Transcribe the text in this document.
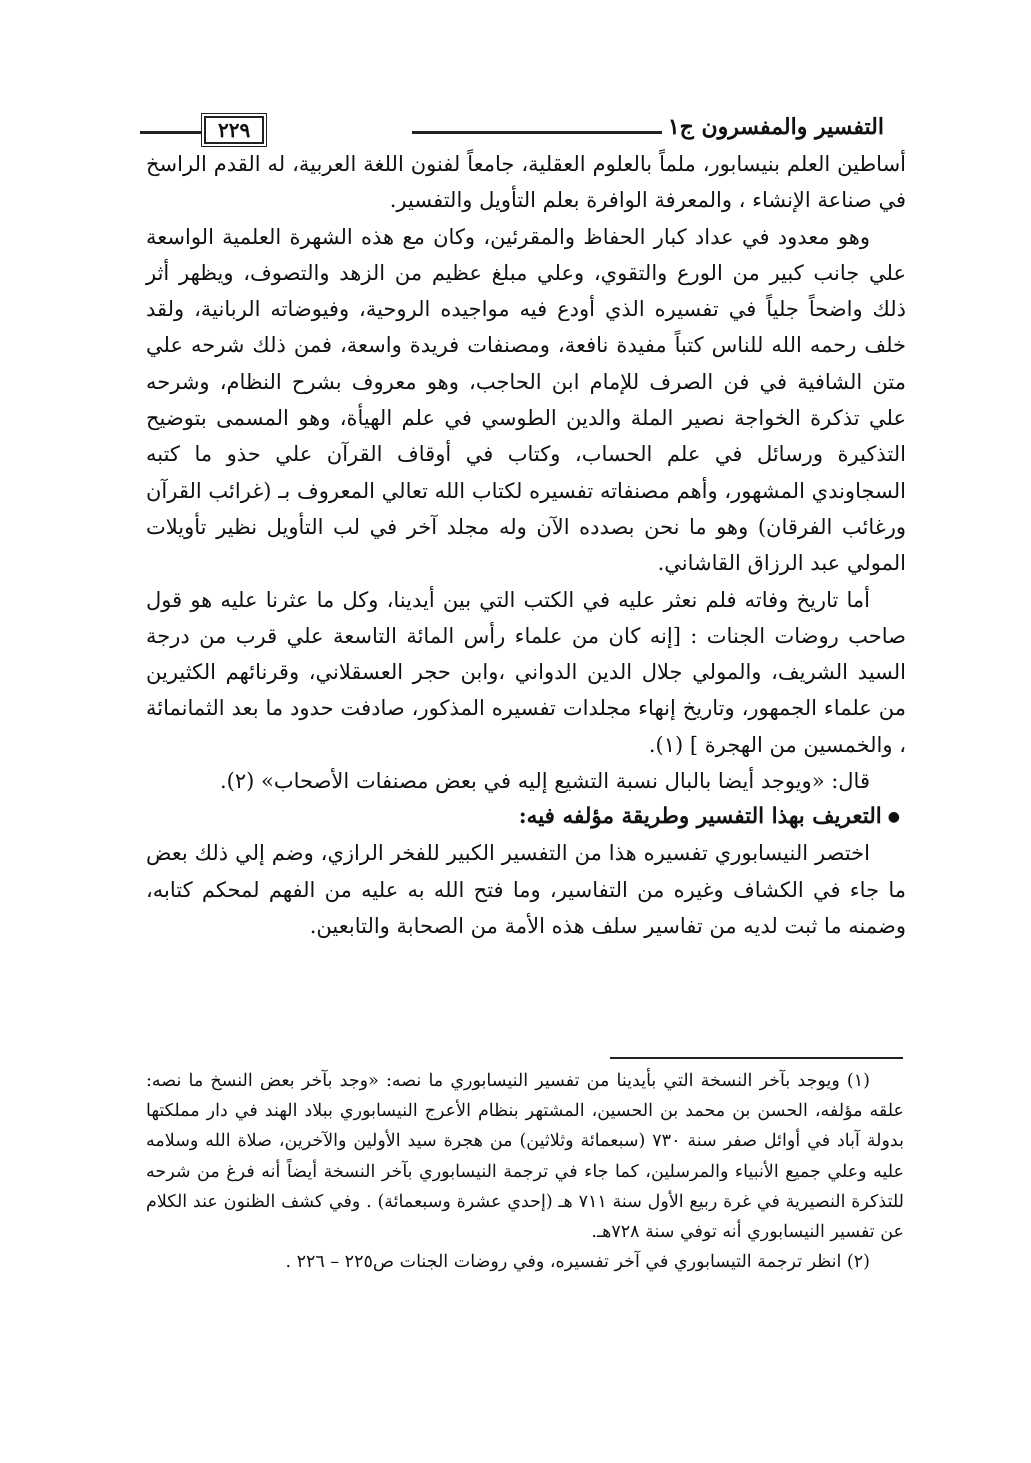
٢٢٩	التفسير والمفسرون ج١

أساطين العلم بنيسابور، ملماً بالعلوم العقلية، جامعاً لفنون اللغة العربية، له القدم الراسخ في صناعة الإنشاء ، والمعرفة الوافرة بعلم التأويل والتفسير.

وهو معدود في عداد كبار الحفاظ والمقرئين، وكان مع هذه الشهرة العلمية الواسعة علي جانب كبير من الورع والتقوي، وعلي مبلغ عظيم من الزهد والتصوف، ويظهر أثر ذلك واضحاً جلياً في تفسيره الذي أودع فيه مواجيده الروحية، وفيوضاته الربانية، ولقد خلف رحمه الله للناس كتباً مفيدة نافعة، ومصنفات فريدة واسعة، فمن ذلك شرحه علي متن الشافية في فن الصرف للإمام ابن الحاجب، وهو معروف بشرح النظام، وشرحه علي تذكرة الخواجة نصير الملة والدين الطوسي في علم الهيأة، وهو المسمى بتوضيح التذكيرة ورسائل في علم الحساب، وكتاب في أوقاف القرآن علي حذو ما كتبه السجاوندي المشهور، وأهم مصنفاته تفسيره لكتاب الله تعالي المعروف بـ (غرائب القرآن ورغائب الفرقان) وهو ما نحن بصدده الآن وله مجلد آخر في لب التأويل نظير تأويلات المولي عبد الرزاق القاشاني.

أما تاريخ وفاته فلم نعثر عليه في الكتب التي بين أيدينا، وكل ما عثرنا عليه هو قول صاحب روضات الجنات : [إنه كان من علماء رأس المائة التاسعة علي قرب من درجة السيد الشريف، والمولي جلال الدين الدواني ،وابن حجر العسقلاني، وقرنائهم الكثيرين من علماء الجمهور، وتاريخ إنهاء مجلدات تفسيره المذكور، صادفت حدود ما بعد الثمانمائة ، والخمسين من الهجرة ] (١).

قال: «ويوجد أيضا بالبال نسبة التشيع إليه في بعض مصنفات الأصحاب» (٢).

●التعريف بهذا التفسير وطريقة مؤلفه فيه:

اختصر النيسابوري تفسيره هذا من التفسير الكبير للفخر الرازي، وضم إلي ذلك بعض ما جاء في الكشاف وغيره من التفاسير، وما فتح الله به عليه من الفهم لمحكم كتابه، وضمنه ما ثبت لديه من تفاسير سلف هذه الأمة من الصحابة والتابعين.

(١) ويوجد بآخر النسخة التي بأيدينا من تفسير النيسابوري ما نصه: «وجد بآخر بعض النسخ ما نصه: علقه مؤلفه، الحسن بن محمد بن الحسين، المشتهر بنظام الأعرج النيسابوري ببلاد الهند في دار مملكتها بدولة آباد في أوائل صفر سنة ٧٣٠ (سبعمائة وثلاثين) من هجرة سيد الأولين والآخرين، صلاة الله وسلامه عليه وعلي جميع الأنبياء والمرسلين، كما جاء في ترجمة النيسابوري بآخر النسخة أيضاً أنه فرغ من شرحه للتذكرة النصيرية في غرة ربيع الأول سنة ٧١١ هـ (إحدي عشرة وسبعمائة) . وفي كشف الظنون عند الكلام عن تفسير النيسابوري أنه توفي سنة ٧٢٨هـ.

(٢) انظر ترجمة التيسابوري في آخر تفسيره، وفي روضات الجنات ص٢٢٥ – ٢٢٦ .
